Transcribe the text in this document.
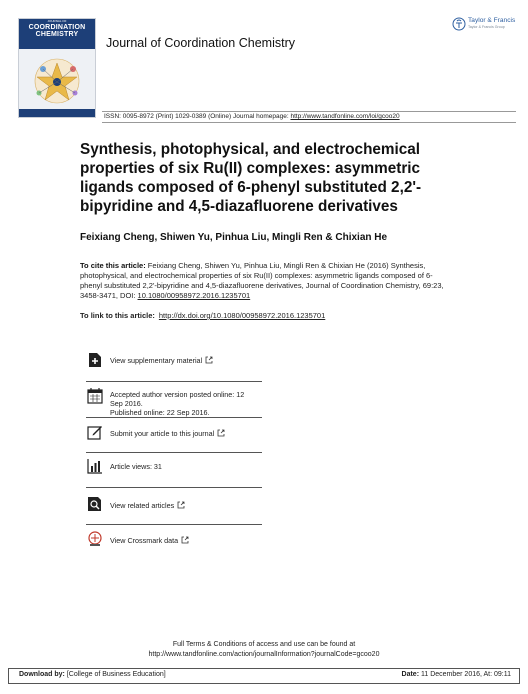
JOURNAL OF
COORDINATION
CHEMISTRY
Journal of Coordination Chemistry
Taylor & Francis
Taylor & Francis Group
ISSN: 0095-8972 (Print) 1029-0389 (Online) Journal homepage: http://www.tandfonline.com/loi/gcoo20
Synthesis, photophysical, and electrochemical properties of six Ru(II) complexes: asymmetric ligands composed of 6-phenyl substituted 2,2'-bipyridine and 4,5-diazafluorene derivatives
Feixiang Cheng, Shiwen Yu, Pinhua Liu, Mingli Ren & Chixian He
To cite this article: Feixiang Cheng, Shiwen Yu, Pinhua Liu, Mingli Ren & Chixian He (2016) Synthesis, photophysical, and electrochemical properties of six Ru(II) complexes: asymmetric ligands composed of 6-phenyl substituted 2,2'-bipyridine and 4,5-diazafluorene derivatives, Journal of Coordination Chemistry, 69:23, 3458-3471, DOI: 10.1080/00958972.2016.1235701
To link to this article: http://dx.doi.org/10.1080/00958972.2016.1235701
View supplementary material
Accepted author version posted online: 12
Sep 2016.
Published online: 22 Sep 2016.
Submit your article to this journal
Article views: 31
View related articles
View Crossmark data
Full Terms & Conditions of access and use can be found at
http://www.tandfonline.com/action/journalInformation?journalCode=gcoo20
Download by: [College of Business Education]	Date: 11 December 2016, At: 09:11
